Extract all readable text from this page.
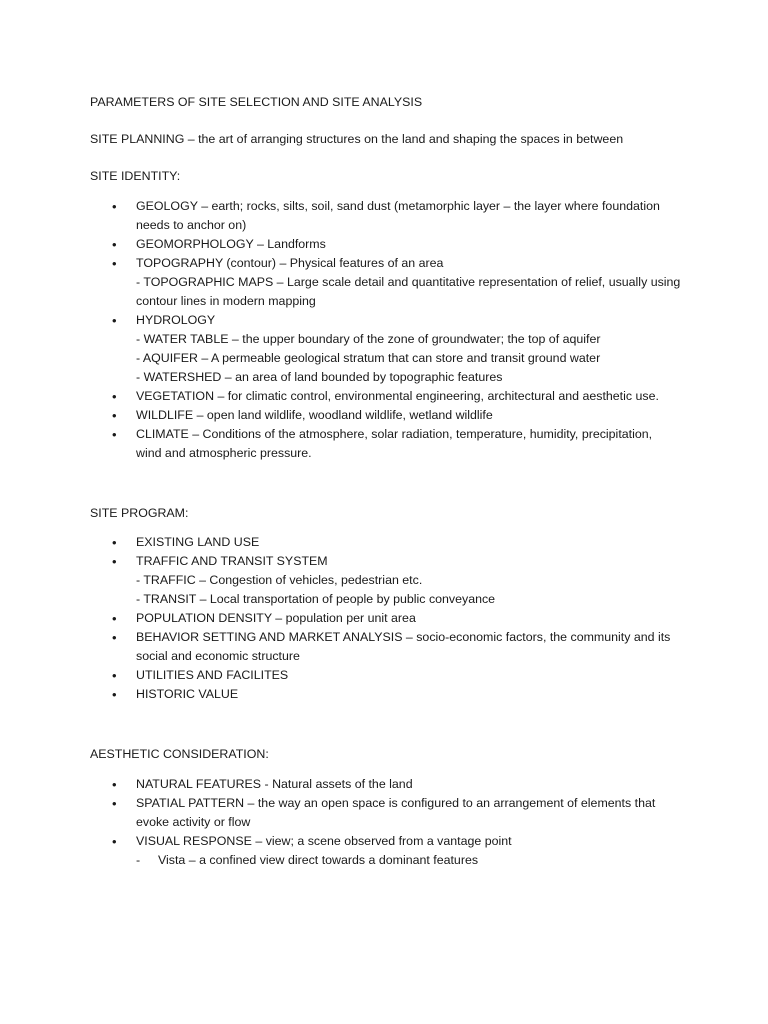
PARAMETERS OF SITE SELECTION AND SITE ANALYSIS

SITE PLANNING – the art of arranging structures on the land and shaping the spaces in between

SITE IDENTITY:

• GEOLOGY – earth; rocks, silts, soil, sand dust (metamorphic layer – the layer where foundation
needs to anchor on)
• GEOMORPHOLOGY – Landforms
• TOPOGRAPHY (contour) – Physical features of an area
- TOPOGRAPHIC MAPS – Large scale detail and quantitative representation of relief, usually using
contour lines in modern mapping
• HYDROLOGY
- WATER TABLE – the upper boundary of the zone of groundwater; the top of aquifer
- AQUIFER – A permeable geological stratum that can store and transit ground water
- WATERSHED – an area of land bounded by topographic features
• VEGETATION – for climatic control, environmental engineering, architectural and aesthetic use.
• WILDLIFE – open land wildlife, woodland wildlife, wetland wildlife
• CLIMATE – Conditions of the atmosphere, solar radiation, temperature, humidity, precipitation,
wind and atmospheric pressure.

SITE PROGRAM:

• EXISTING LAND USE
• TRAFFIC AND TRANSIT SYSTEM
- TRAFFIC – Congestion of vehicles, pedestrian etc.
- TRANSIT – Local transportation of people by public conveyance
• POPULATION DENSITY – population per unit area
• BEHAVIOR SETTING AND MARKET ANALYSIS – socio-economic factors, the community and its
social and economic structure
• UTILITIES AND FACILITES
• HISTORIC VALUE

AESTHETIC CONSIDERATION:

• NATURAL FEATURES - Natural assets of the land
• SPATIAL PATTERN – the way an open space is configured to an arrangement of elements that
evoke activity or flow
• VISUAL RESPONSE – view; a scene observed from a vantage point
- Vista – a confined view direct towards a dominant features
